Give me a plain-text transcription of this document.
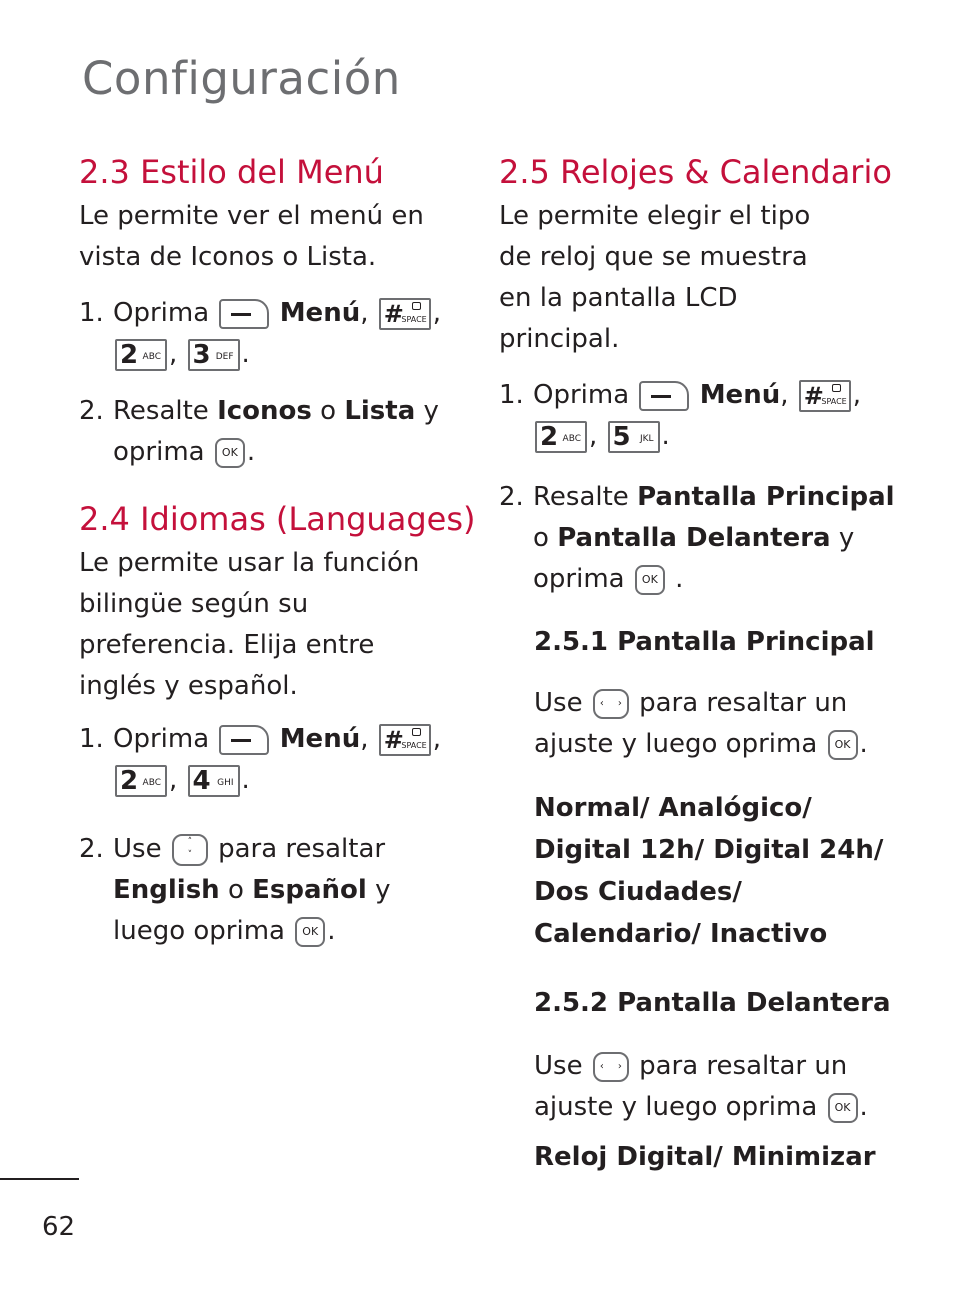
Configuración
2.3 Estilo del Menú

Le permite ver el menú en vista de Iconos o Lista.

1. Oprima	Menú, #
SPACE ,

2 ABC , 3 DEF .
2. Resalte Iconos o Lista y oprima OK .
2.4 Idiomas (Languages)

Le permite usar la función bilingüe según su preferencia. Elija entre inglés y español.

1. Oprima	Menú, #
SPACE ,

2 ABC , 4 GHI .
2. Use	˄
˅ para resaltar
English o Español y luego oprima OK .
2.5 Relojes & Calendario

Le permite elegir el tipo de reloj que se muestra en la pantalla LCD principal.

1. Oprima	Menú, #
SPACE ,

2 ABC , 5 JKL .
2. Resalte Pantalla Principal o Pantalla Delantera y oprima OK .

2.5.1 Pantalla Principal

Use ‹ › para resaltar un ajuste y luego oprima OK .

Normal/ Analógico/ Digital 12h/ Digital 24h/ Dos Ciudades/ Calendario/ Inactivo

2.5.2 Pantalla Delantera

Use ‹ › para resaltar un ajuste y luego oprima OK .

Reloj Digital/ Minimizar

62
